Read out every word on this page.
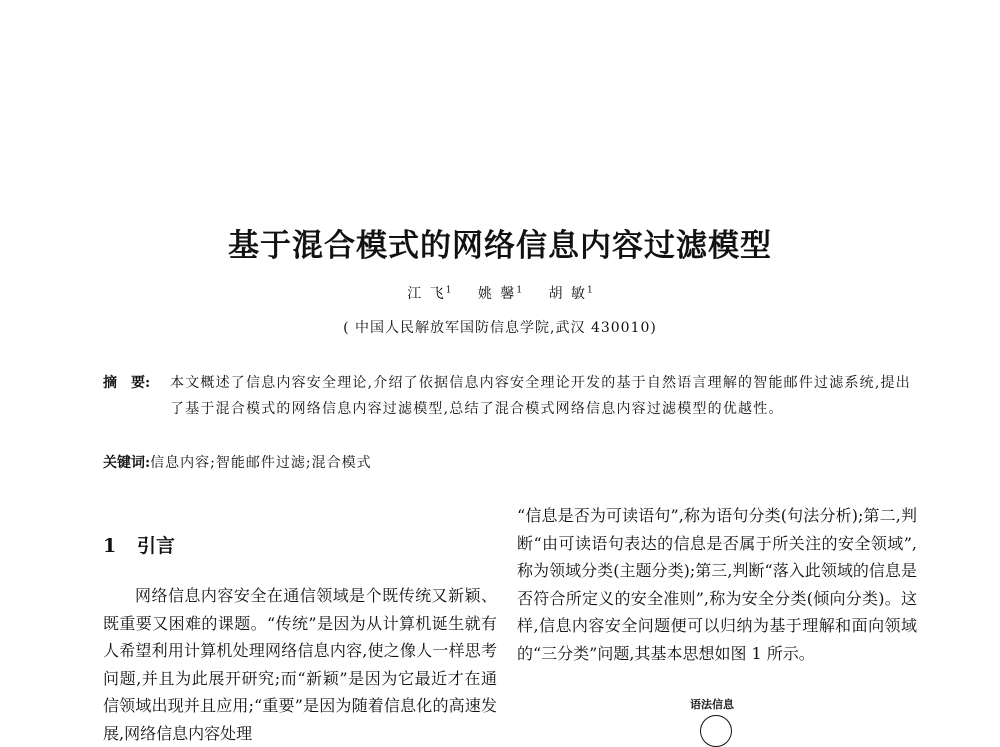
基于混合模式的网络信息内容过滤模型
江 飞$^1$ 姚 馨$^1$ 胡 敏$^1$
( 中国人民解放军国防信息学院,武汉 430010)
摘　要: 本文概述了信息内容安全理论,介绍了依据信息内容安全理论开发的基于自然语言理解的智能邮件过滤系统,提出了基于混合模式的网络信息内容过滤模型,总结了混合模式网络信息内容过滤模型的优越性。
关键词:信息内容;智能邮件过滤;混合模式
1 引言
网络信息内容安全在通信领域是个既传统又新颖、既重要又困难的课题。“传统”是因为从计算机诞生就有人希望利用计算机处理网络信息内容,使之像人一样思考问题,并且为此展开研究;而“新颖”是因为它最近才在通信领域出现并且应用;“重要”是因为随着信息化的高速发展,网络信息内容处理
“信息是否为可读语句”,称为语句分类(句法分析);第二,判断“由可读语句表达的信息是否属于所关注的安全领域”,称为领域分类(主题分类);第三,判断“落入此领域的信息是否符合所定义的安全准则”,称为安全分类(倾向分类)。这样,信息内容安全问题便可以归纳为基于理解和面向领域的“三分类”问题,其基本思想如图 1 所示。
语法信息
